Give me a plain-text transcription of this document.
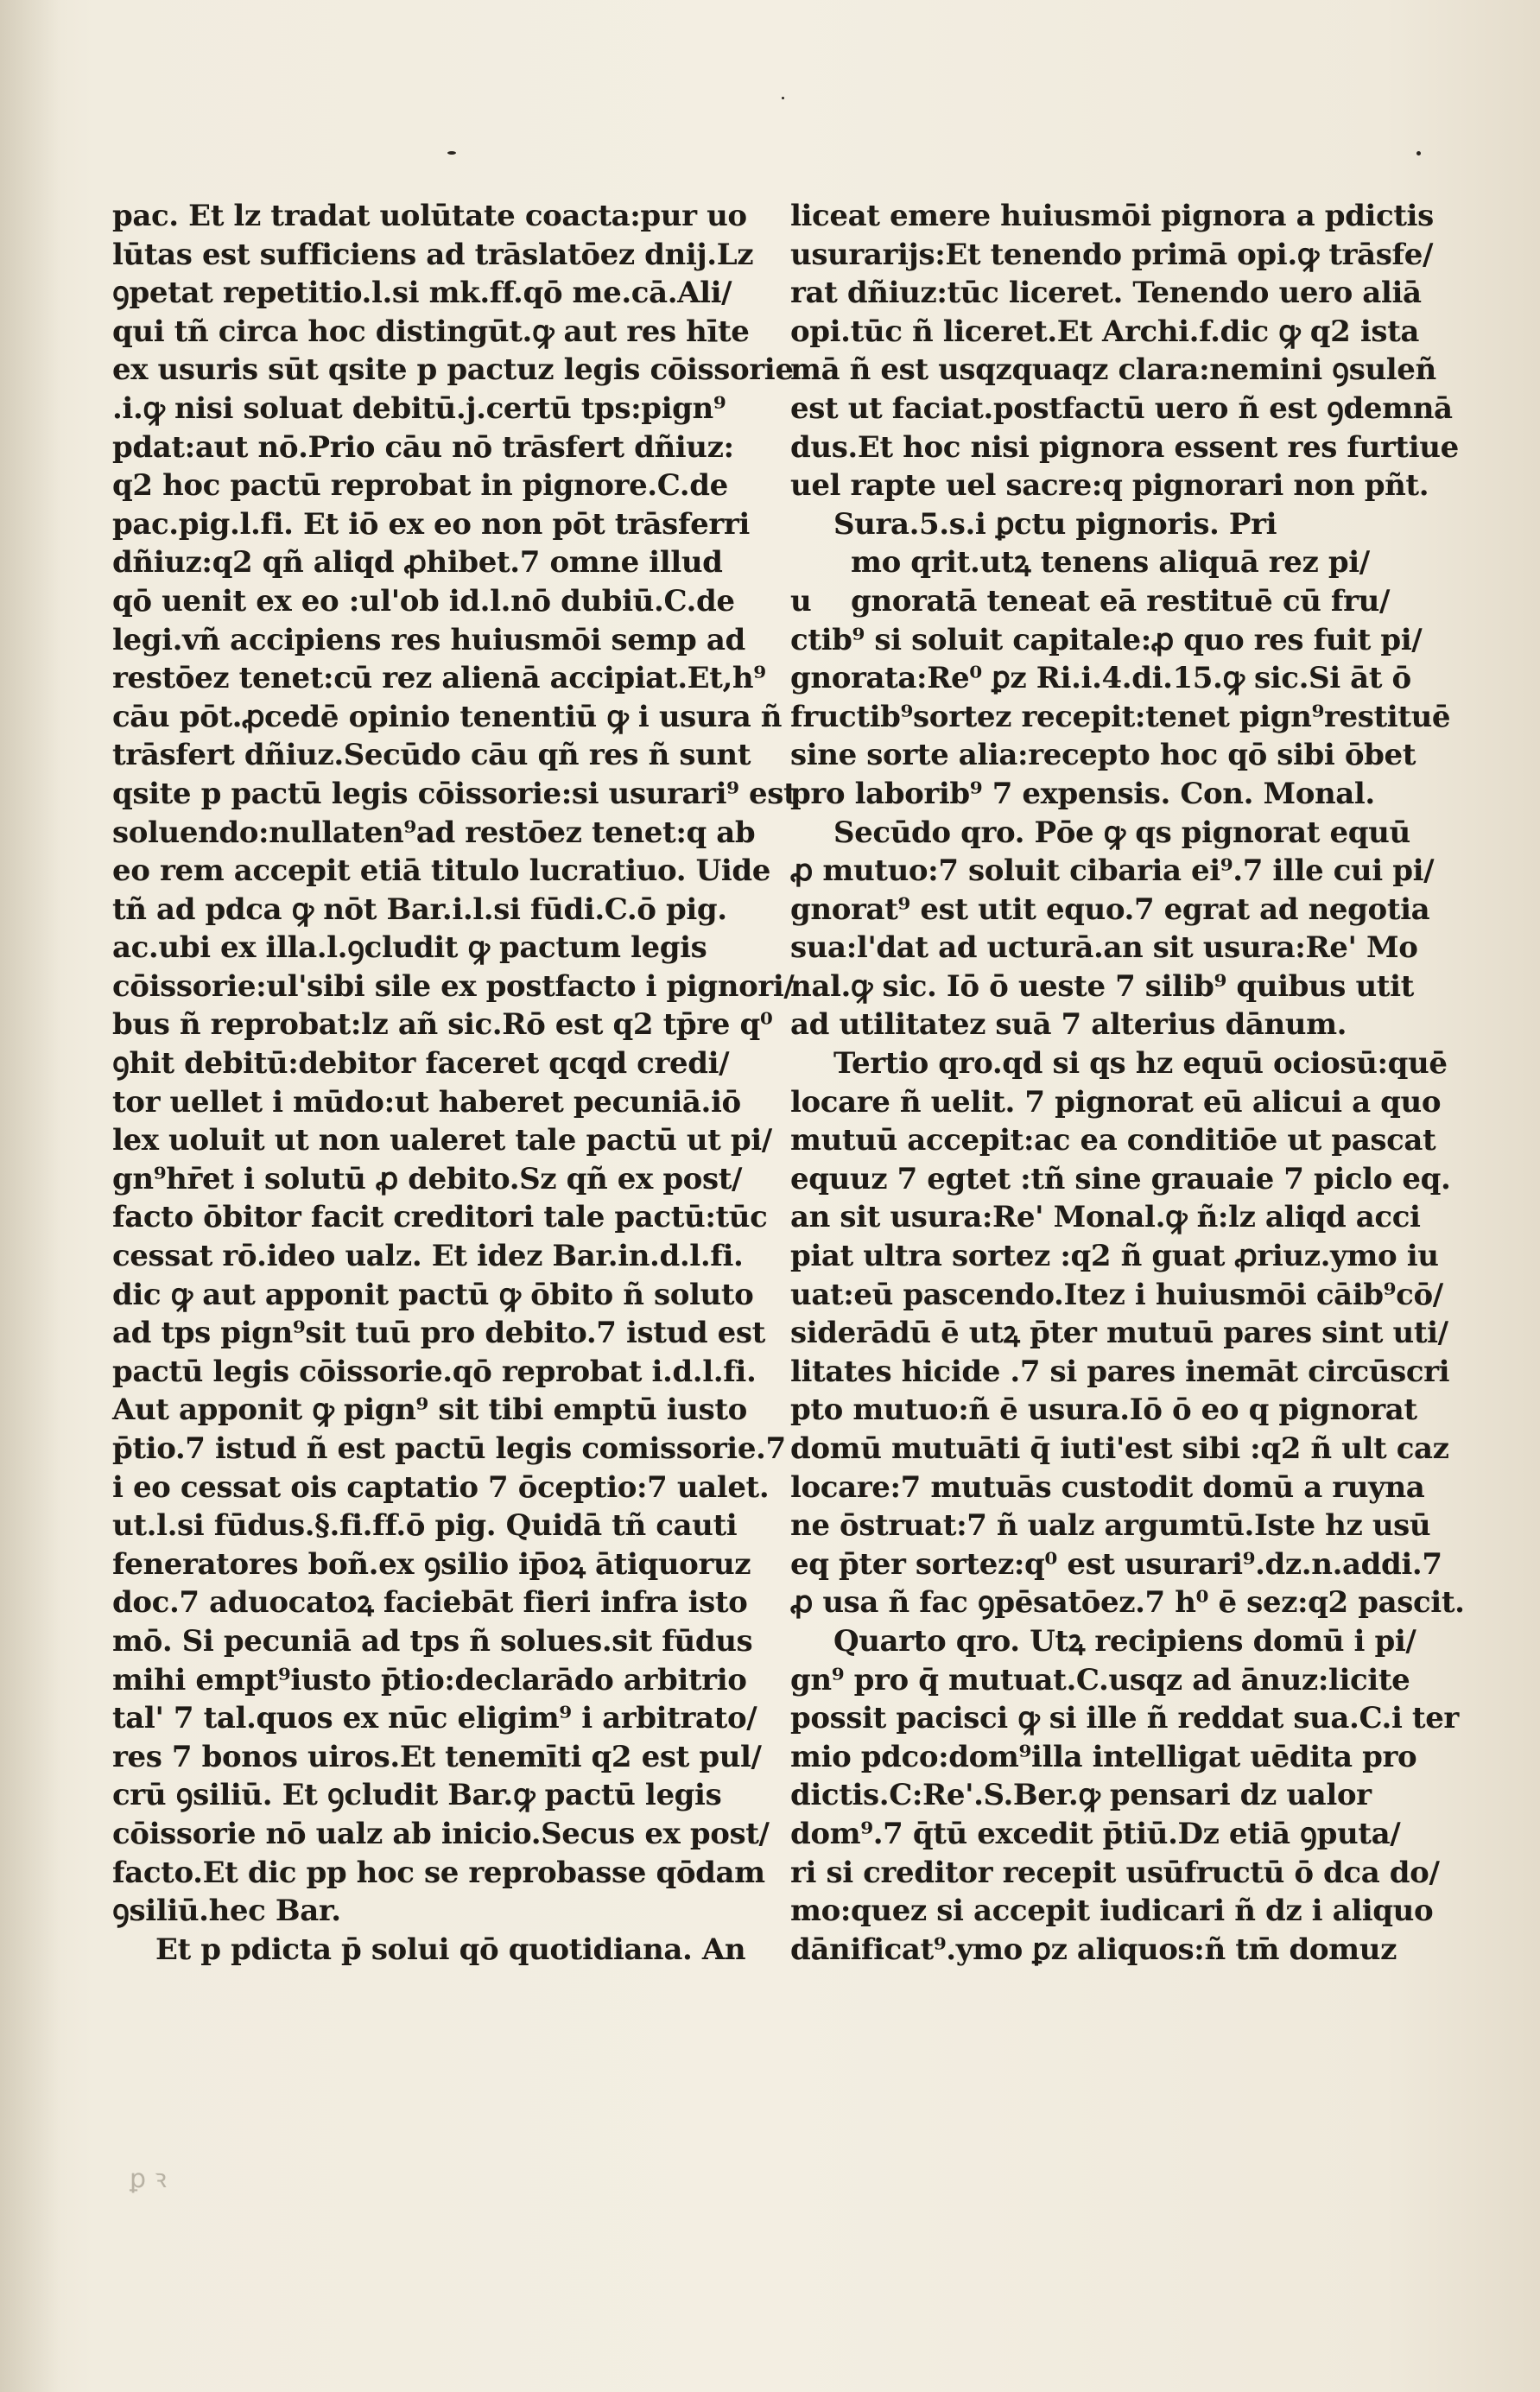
pac. Et lz tradat uolūtate coacta:pur uo
lūtas est sufficiens ad trāslatōez dnij.Lz
ꝯpetat repetitio.l.si mk.ff.qō me.cā.Ali/
qui tñ circa hoc distingūt.ꝙ aut res hīte
ex usuris sūt qsite p pactuz legis cōissorie
.i.ꝙ nisi soluat debitū.j.certū tps:pign⁹
pdat:aut nō.Prio cāu nō trāsfert dñiuz:
q2 hoc pactū reprobat in pignore.C.de
pac.pig.l.fi. Et iō ex eo non pōt trāsferri
dñiuz:q2 qñ aliqd ꝓhibet.7 omne illud
qō uenit ex eo :ul'ob id.l.nō dubiū.C.de
legi.vñ accipiens res huiusmōi semp ad
restōez tenet:cū rez alienā accipiat.Et,h⁹
cāu pōt.ꝓcedē opinio tenentiū ꝙ i usura ñ
trāsfert dñiuz.Secūdo cāu qñ res ñ sunt
qsite p pactū legis cōissorie:si usurari⁹ est
soluendo:nullaten⁹ad restōez tenet:q ab
eo rem accepit etiā titulo lucratiuo. Uide
tñ ad pdca ꝙ nōt Bar.i.l.si fūdi.C.ō pig.
ac.ubi ex illa.l.ꝯcludit ꝙ pactum legis
cōissorie:ul'sibi sile ex postfacto i pignori/
bus ñ reprobat:lz añ sic.Rō est q2 tp̄re q⁰
ꝯhit debitū:debitor faceret qcqd credi/
tor uellet i mūdo:ut haberet pecuniā.iō
lex uoluit ut non ualeret tale pactū ut pi/
gn⁹hr̄et i solutū ꝓ debito.Sz qñ ex post/
facto ōbitor facit creditori tale pactū:tūc
cessat rō.ideo ualz. Et idez Bar.in.d.l.fi.
dic ꝙ aut apponit pactū ꝙ ōbito ñ soluto
ad tps pign⁹sit tuū pro debito.7 istud est
pactū legis cōissorie.qō reprobat i.d.l.fi.
Aut apponit ꝙ pign⁹ sit tibi emptū iusto
p̄tio.7 istud ñ est pactū legis comissorie.7
i eo cessat ois captatio 7 ōceptio:7 ualet.
ut.l.si fūdus.§.fi.ff.ō pig. Quidā tñ cauti
feneratores boñ.ex ꝯsilio ip̄oꝝ ātiquoruz
doc.7 aduocatoꝝ faciebāt fieri infra isto
mō. Si pecuniā ad tps ñ solues.sit fūdus
mihi empt⁹iusto p̄tio:declarādo arbitrio
tal' 7 tal.quos ex nūc eligim⁹ i arbitrato/
res 7 bonos uiros.Et tenemīti q2 est pul/
crū ꝯsiliū. Et ꝯcludit Bar.ꝙ pactū legis
cōissorie nō ualz ab inicio.Secus ex post/
facto.Et dic pp hoc se reprobasse qōdam
ꝯsiliū.hec Bar.
Et p pdicta p̄ solui qō quotidiana. An
liceat emere huiusmōi pignora a pdictis
usurarijs:Et tenendo primā opi.ꝙ trāsfe/
rat dñiuz:tūc liceret. Tenendo uero aliā
opi.tūc ñ liceret.Et Archi.f.dic ꝙ q2 ista
mā ñ est usqzquaqz clara:nemini ꝯsuleñ
est ut faciat.postfactū uero ñ est ꝯdemnā
dus.Et hoc nisi pignora essent res furtiue
uel rapte uel sacre:q pignorari non pñt.
Sura.5.s.i ꝑctu pignoris. Pri
mo qrit.utꝝ tenens aliquā rez pi/
u gnoratā teneat eā restituē cū fru/
ctib⁹ si soluit capitale:ꝓ quo res fuit pi/
gnorata:Re⁰ ꝑz Ri.i.4.di.15.ꝙ sic.Si āt ō
fructib⁹sortez recepit:tenet pign⁹restituē
sine sorte alia:recepto hoc qō sibi ōbet
pro laborib⁹ 7 expensis. Con. Monal.
Secūdo qro. Pōe ꝙ qs pignorat equū
ꝓ mutuo:7 soluit cibaria ei⁹.7 ille cui pi/
gnorat⁹ est utit equo.7 egrat ad negotia
sua:l'dat ad ucturā.an sit usura:Re' Mo
nal.ꝙ sic. Iō ō ueste 7 silib⁹ quibus utit
ad utilitatez suā 7 alterius dānum.
Tertio qro.qd si qs hz equū ociosū:quē
locare ñ uelit. 7 pignorat eū alicui a quo
mutuū accepit:ac ea conditiōe ut pascat
equuz 7 egtet :tñ sine grauaie 7 piclo eq.
an sit usura:Re' Monal.ꝙ ñ:lz aliqd acci
piat ultra sortez :q2 ñ guat ꝓriuz.ymo iu
uat:eū pascendo.Itez i huiusmōi cāib⁹cō/
siderādū ē utꝝ p̄ter mutuū pares sint uti/
litates hicide .7 si pares inemāt circūscri
pto mutuo:ñ ē usura.Iō ō eo q pignorat
domū mutuāti q̄ iuti'est sibi :q2 ñ ult caz
locare:7 mutuās custodit domū a ruyna
ne ōstruat:7 ñ ualz argumtū.Iste hz usū
eq p̄ter sortez:q⁰ est usurari⁹.dz.n.addi.7
ꝓ usa ñ fac ꝯpēsatōez.7 h⁰ ē sez:q2 pascit.
Quarto qro. Utꝝ recipiens domū i pi/
gn⁹ pro q̄ mutuat.C.usqz ad ānuz:licite
possit pacisci ꝙ si ille ñ reddat sua.C.i ter
mio pdco:dom⁹illa intelligat uēdita pro
dictis.C:Re'.S.Ber.ꝙ pensari dz ualor
dom⁹.7 q̄tū excedit p̄tiū.Dz etiā ꝯputa/
ri si creditor recepit usūfructū ō dca do/
mo:quez si accepit iudicari ñ dz i aliquo
dānificat⁹.ymo ꝑz aliquos:ñ tm̄ domuz
ꝑ ꝛ
